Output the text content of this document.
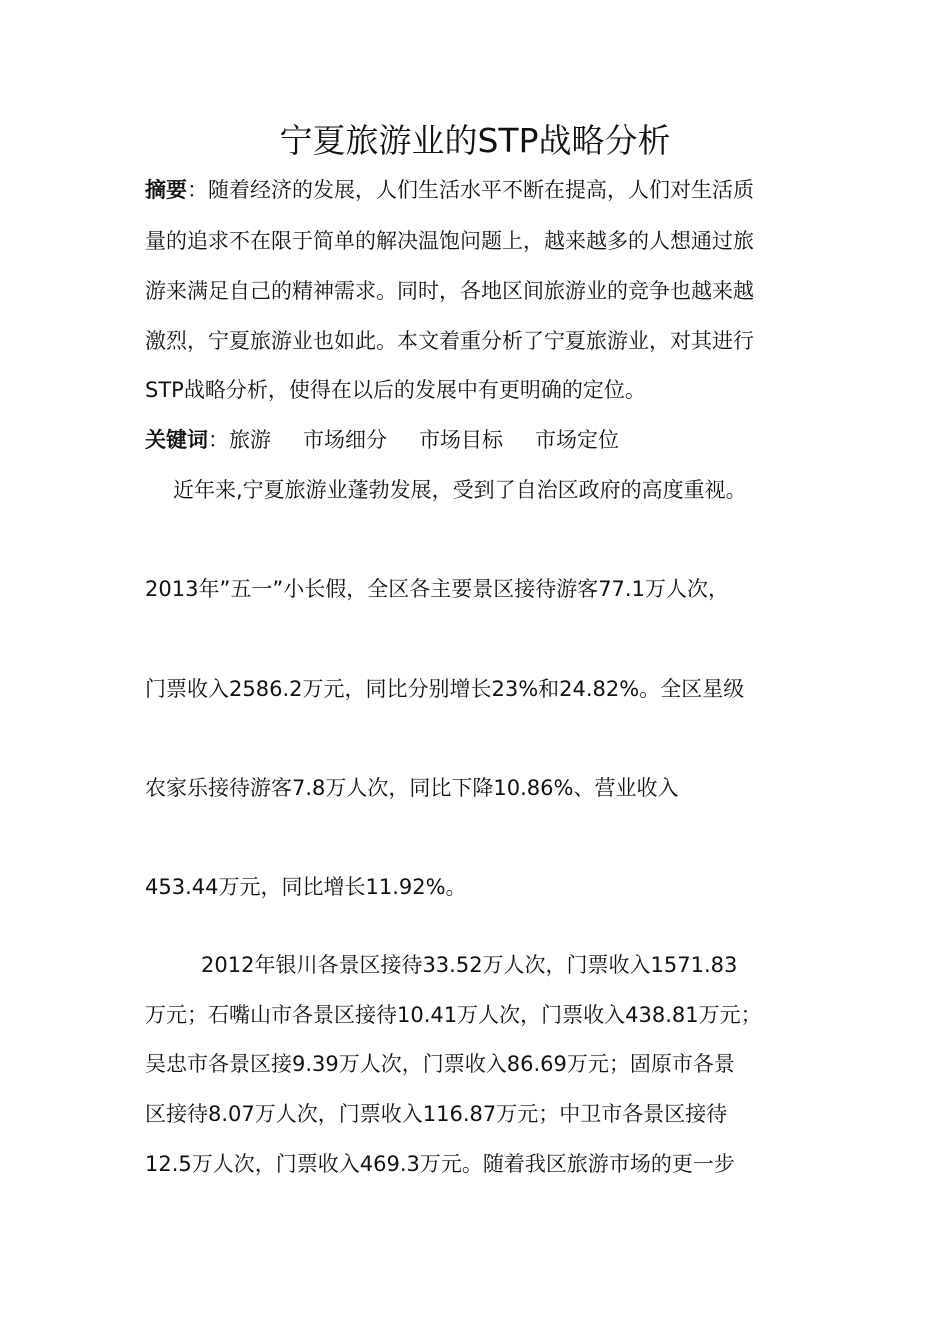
宁夏旅游业的STP战略分析
摘要：随着经济的发展，人们生活水平不断在提高，人们对生活质
量的追求不在限于简单的解决温饱问题上，越来越多的人想通过旅
游来满足自己的精神需求。同时，各地区间旅游业的竞争也越来越
激烈，宁夏旅游业也如此。本文着重分析了宁夏旅游业，对其进行
STP战略分析，使得在以后的发展中有更明确的定位。
关键词：旅游 市场细分 市场目标 市场定位
近年来,宁夏旅游业蓬勃发展，受到了自治区政府的高度重视。
2013年”五一”小长假，全区各主要景区接待游客77.1万人次，
门票收入2586.2万元，同比分别增长23%和24.82%。全区星级
农家乐接待游客7.8万人次，同比下降10.86%、营业收入
453.44万元，同比增长11.92%。
2012年银川各景区接待33.52万人次，门票收入1571.83
万元；石嘴山市各景区接待10.41万人次，门票收入438.81万元；
吴忠市各景区接9.39万人次，门票收入86.69万元；固原市各景
区接待8.07万人次，门票收入116.87万元；中卫市各景区接待
12.5万人次，门票收入469.3万元。随着我区旅游市场的更一步
